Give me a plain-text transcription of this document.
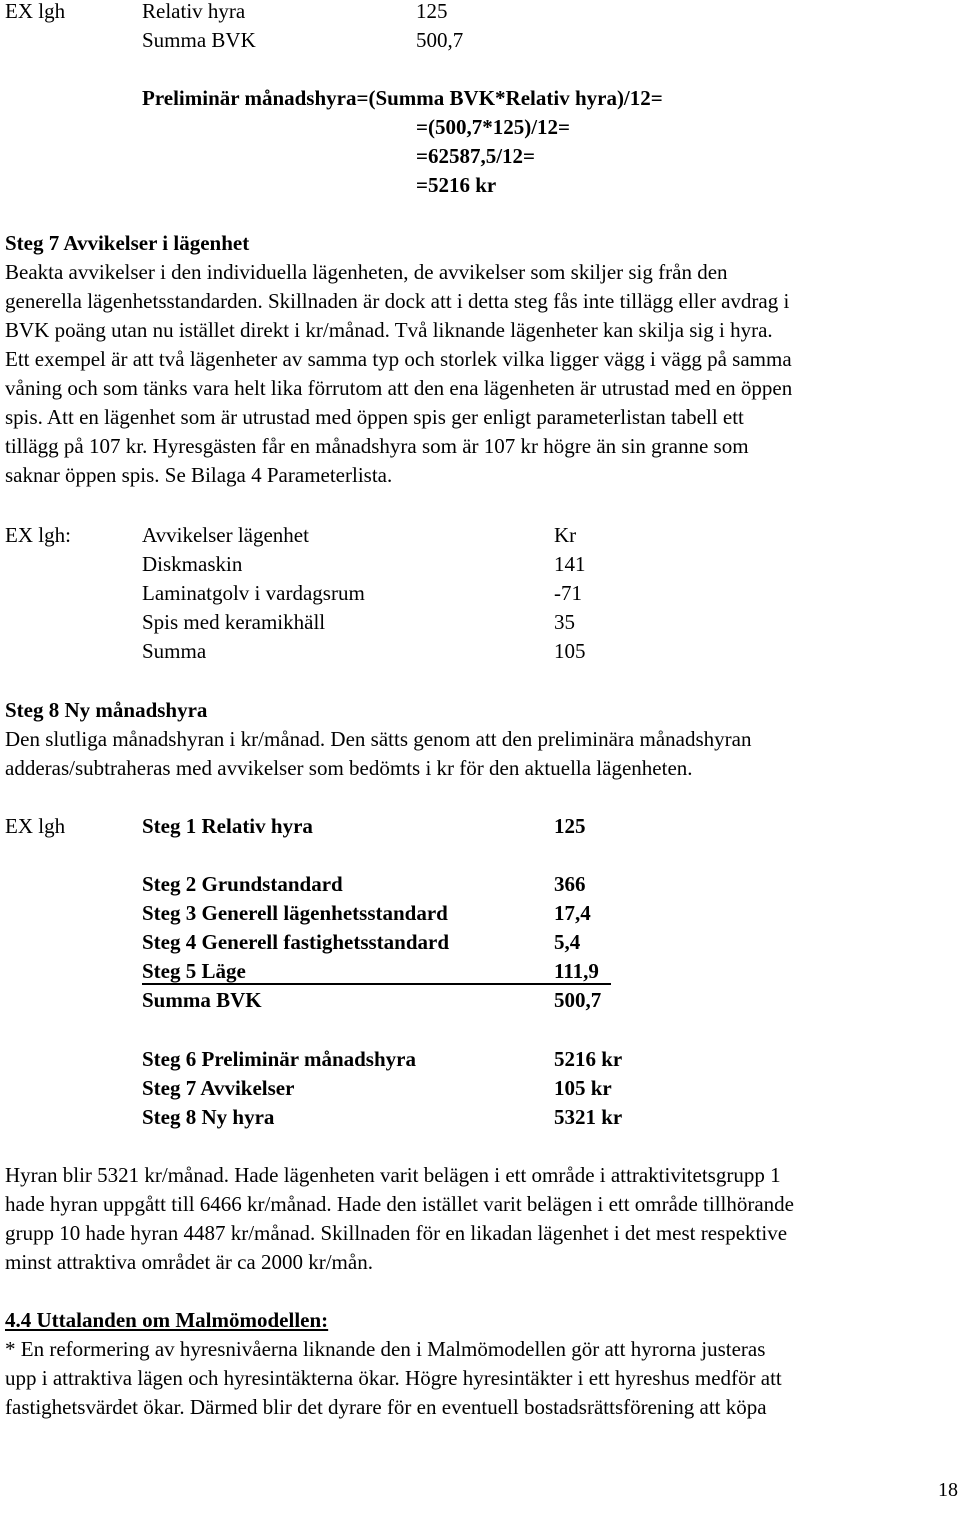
EX lgh	Relativ hyra	125
Summa BVK	500,7
Preliminär månadshyra=(Summa BVK*Relativ hyra)/12=
=(500,7*125)/12=
=62587,5/12=
=5216 kr
Steg 7 Avvikelser i lägenhet
Beakta avvikelser i den individuella lägenheten, de avvikelser som skiljer sig från den
generella lägenhetsstandarden. Skillnaden är dock att i detta steg fås inte tillägg eller avdrag i
BVK poäng utan nu istället direkt i kr/månad. Två liknande lägenheter kan skilja sig i hyra.
Ett exempel är att två lägenheter av samma typ och storlek vilka ligger vägg i vägg på samma
våning och som tänks vara helt lika förrutom att den ena lägenheten är utrustad med en öppen
spis. Att en lägenhet som är utrustad med öppen spis ger enligt parameterlistan tabell ett
tillägg på 107 kr. Hyresgästen får en månadshyra som är 107 kr högre än sin granne som
saknar öppen spis. Se Bilaga 4 Parameterlista.
EX lgh:	Avvikelser lägenhet	Kr
Diskmaskin	141
Laminatgolv i vardagsrum	-71
Spis med keramikhäll	35
Summa	105
Steg 8 Ny månadshyra
Den slutliga månadshyran i kr/månad. Den sätts genom att den preliminära månadshyran
adderas/subtraheras med avvikelser som bedömts i kr för den aktuella lägenheten.
EX lgh	Steg 1 Relativ hyra	125
Steg 2 Grundstandard	366
Steg 3 Generell lägenhetsstandard	17,4
Steg 4 Generell fastighetsstandard	5,4
Steg 5 Läge	111,9
Summa BVK	500,7
Steg 6 Preliminär månadshyra	5216 kr
Steg 7 Avvikelser	105 kr
Steg 8 Ny hyra	5321 kr
Hyran blir 5321 kr/månad. Hade lägenheten varit belägen i ett område i attraktivitetsgrupp 1
hade hyran uppgått till 6466 kr/månad. Hade den istället varit belägen i ett område tillhörande
grupp 10 hade hyran 4487 kr/månad. Skillnaden för en likadan lägenhet i det mest respektive
minst attraktiva området är ca 2000 kr/mån.
4.4 Uttalanden om Malmömodellen:
* En reformering av hyresnivåerna liknande den i Malmömodellen gör att hyrorna justeras
upp i attraktiva lägen och hyresintäkterna ökar. Högre hyresintäkter i ett hyreshus medför att
fastighetsvärdet ökar. Därmed blir det dyrare för en eventuell bostadsrättsförening att köpa
18
